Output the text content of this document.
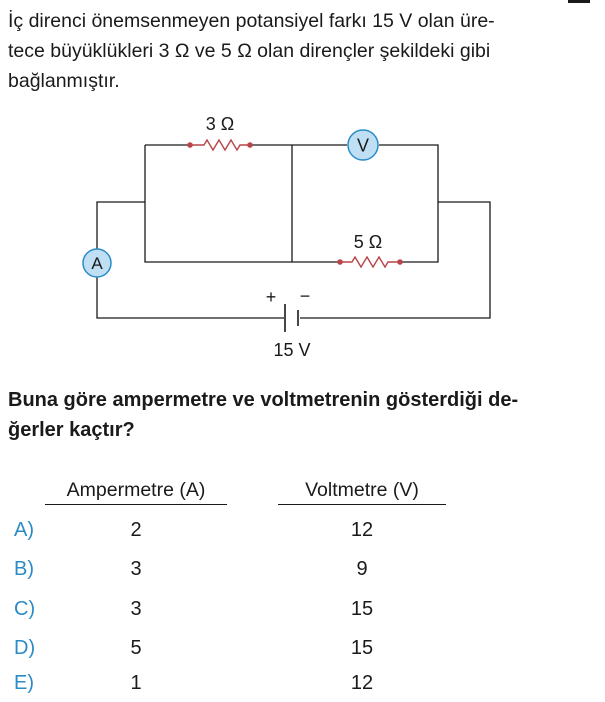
İç direnci önemsenmeyen potansiyel farkı 15 V olan üre-
tece büyüklükleri 3 Ω ve 5 Ω olan dirençler şekildeki gibi
bağlanmıştır.
3 Ω
5 Ω
V
A
+ −
15 V
Buna göre ampermetre ve voltmetrenin gösterdiği de-
ğerler kaçtır?
Ampermetre (A)	Voltmetre (V)
A)	2	12
B)	3	9
C)	3	15
D)	5	15
E)	1	12
